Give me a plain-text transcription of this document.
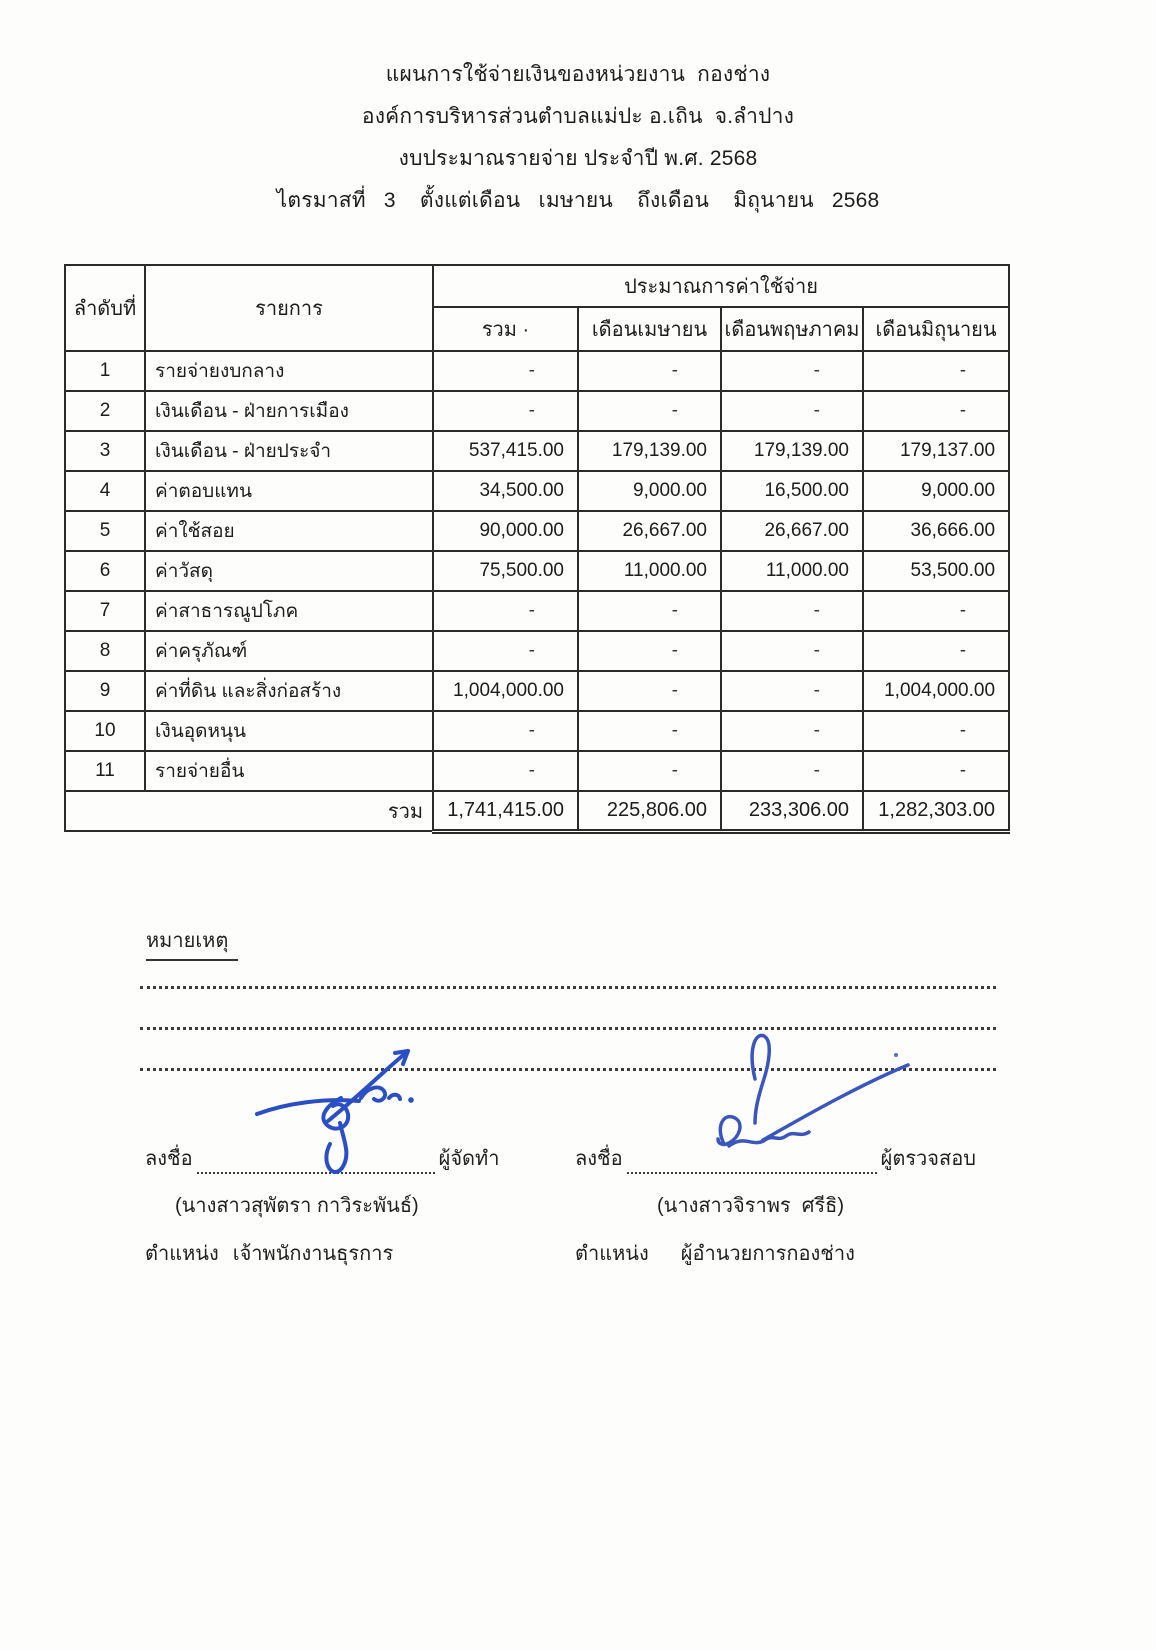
แผนการใช้จ่ายเงินของหน่วยงาน  กองช่าง
องค์การบริหารส่วนตำบลแม่ปะ อ.เถิน  จ.ลำปาง
งบประมาณรายจ่าย ประจำปี พ.ศ. 2568
ไตรมาสที่   3    ตั้งแต่เดือน   เมษายน    ถึงเดือน    มิถุนายน   2568
ลำดับที่	รายการ	ประมาณการค่าใช้จ่าย			
		รวม ·	เดือนเมษายน	เดือนพฤษภาคม	เดือนมิถุนายน
1	รายจ่ายงบกลาง	-	-	-	-
2	เงินเดือน - ฝ่ายการเมือง	-	-	-	-
3	เงินเดือน - ฝ่ายประจำ	537,415.00	179,139.00	179,139.00	179,137.00
4	ค่าตอบแทน	34,500.00	9,000.00	16,500.00	9,000.00
5	ค่าใช้สอย	90,000.00	26,667.00	26,667.00	36,666.00
6	ค่าวัสดุ	75,500.00	11,000.00	11,000.00	53,500.00
7	ค่าสาธารณูปโภค	-	-	-	-
8	ค่าครุภัณฑ์	-	-	-	-
9	ค่าที่ดิน และสิ่งก่อสร้าง	1,004,000.00	-	-	1,004,000.00
10	เงินอุดหนุน	-	-	-	-
11	รายจ่ายอื่น	-	-	-	-
รวม		1,741,415.00	225,806.00	233,306.00	1,282,303.00
หมายเหตุ
ลงชื่อ	ผู้จัดทำ
(นางสาวสุพัตรา กาวิระพันธ์)
ตำแหน่ง เจ้าพนักงานธุรการ
ลงชื่อ	ผู้ตรวจสอบ
(นางสาวจิราพร  ศรีธิ)
ตำแหน่ง ผู้อำนวยการกองช่าง
